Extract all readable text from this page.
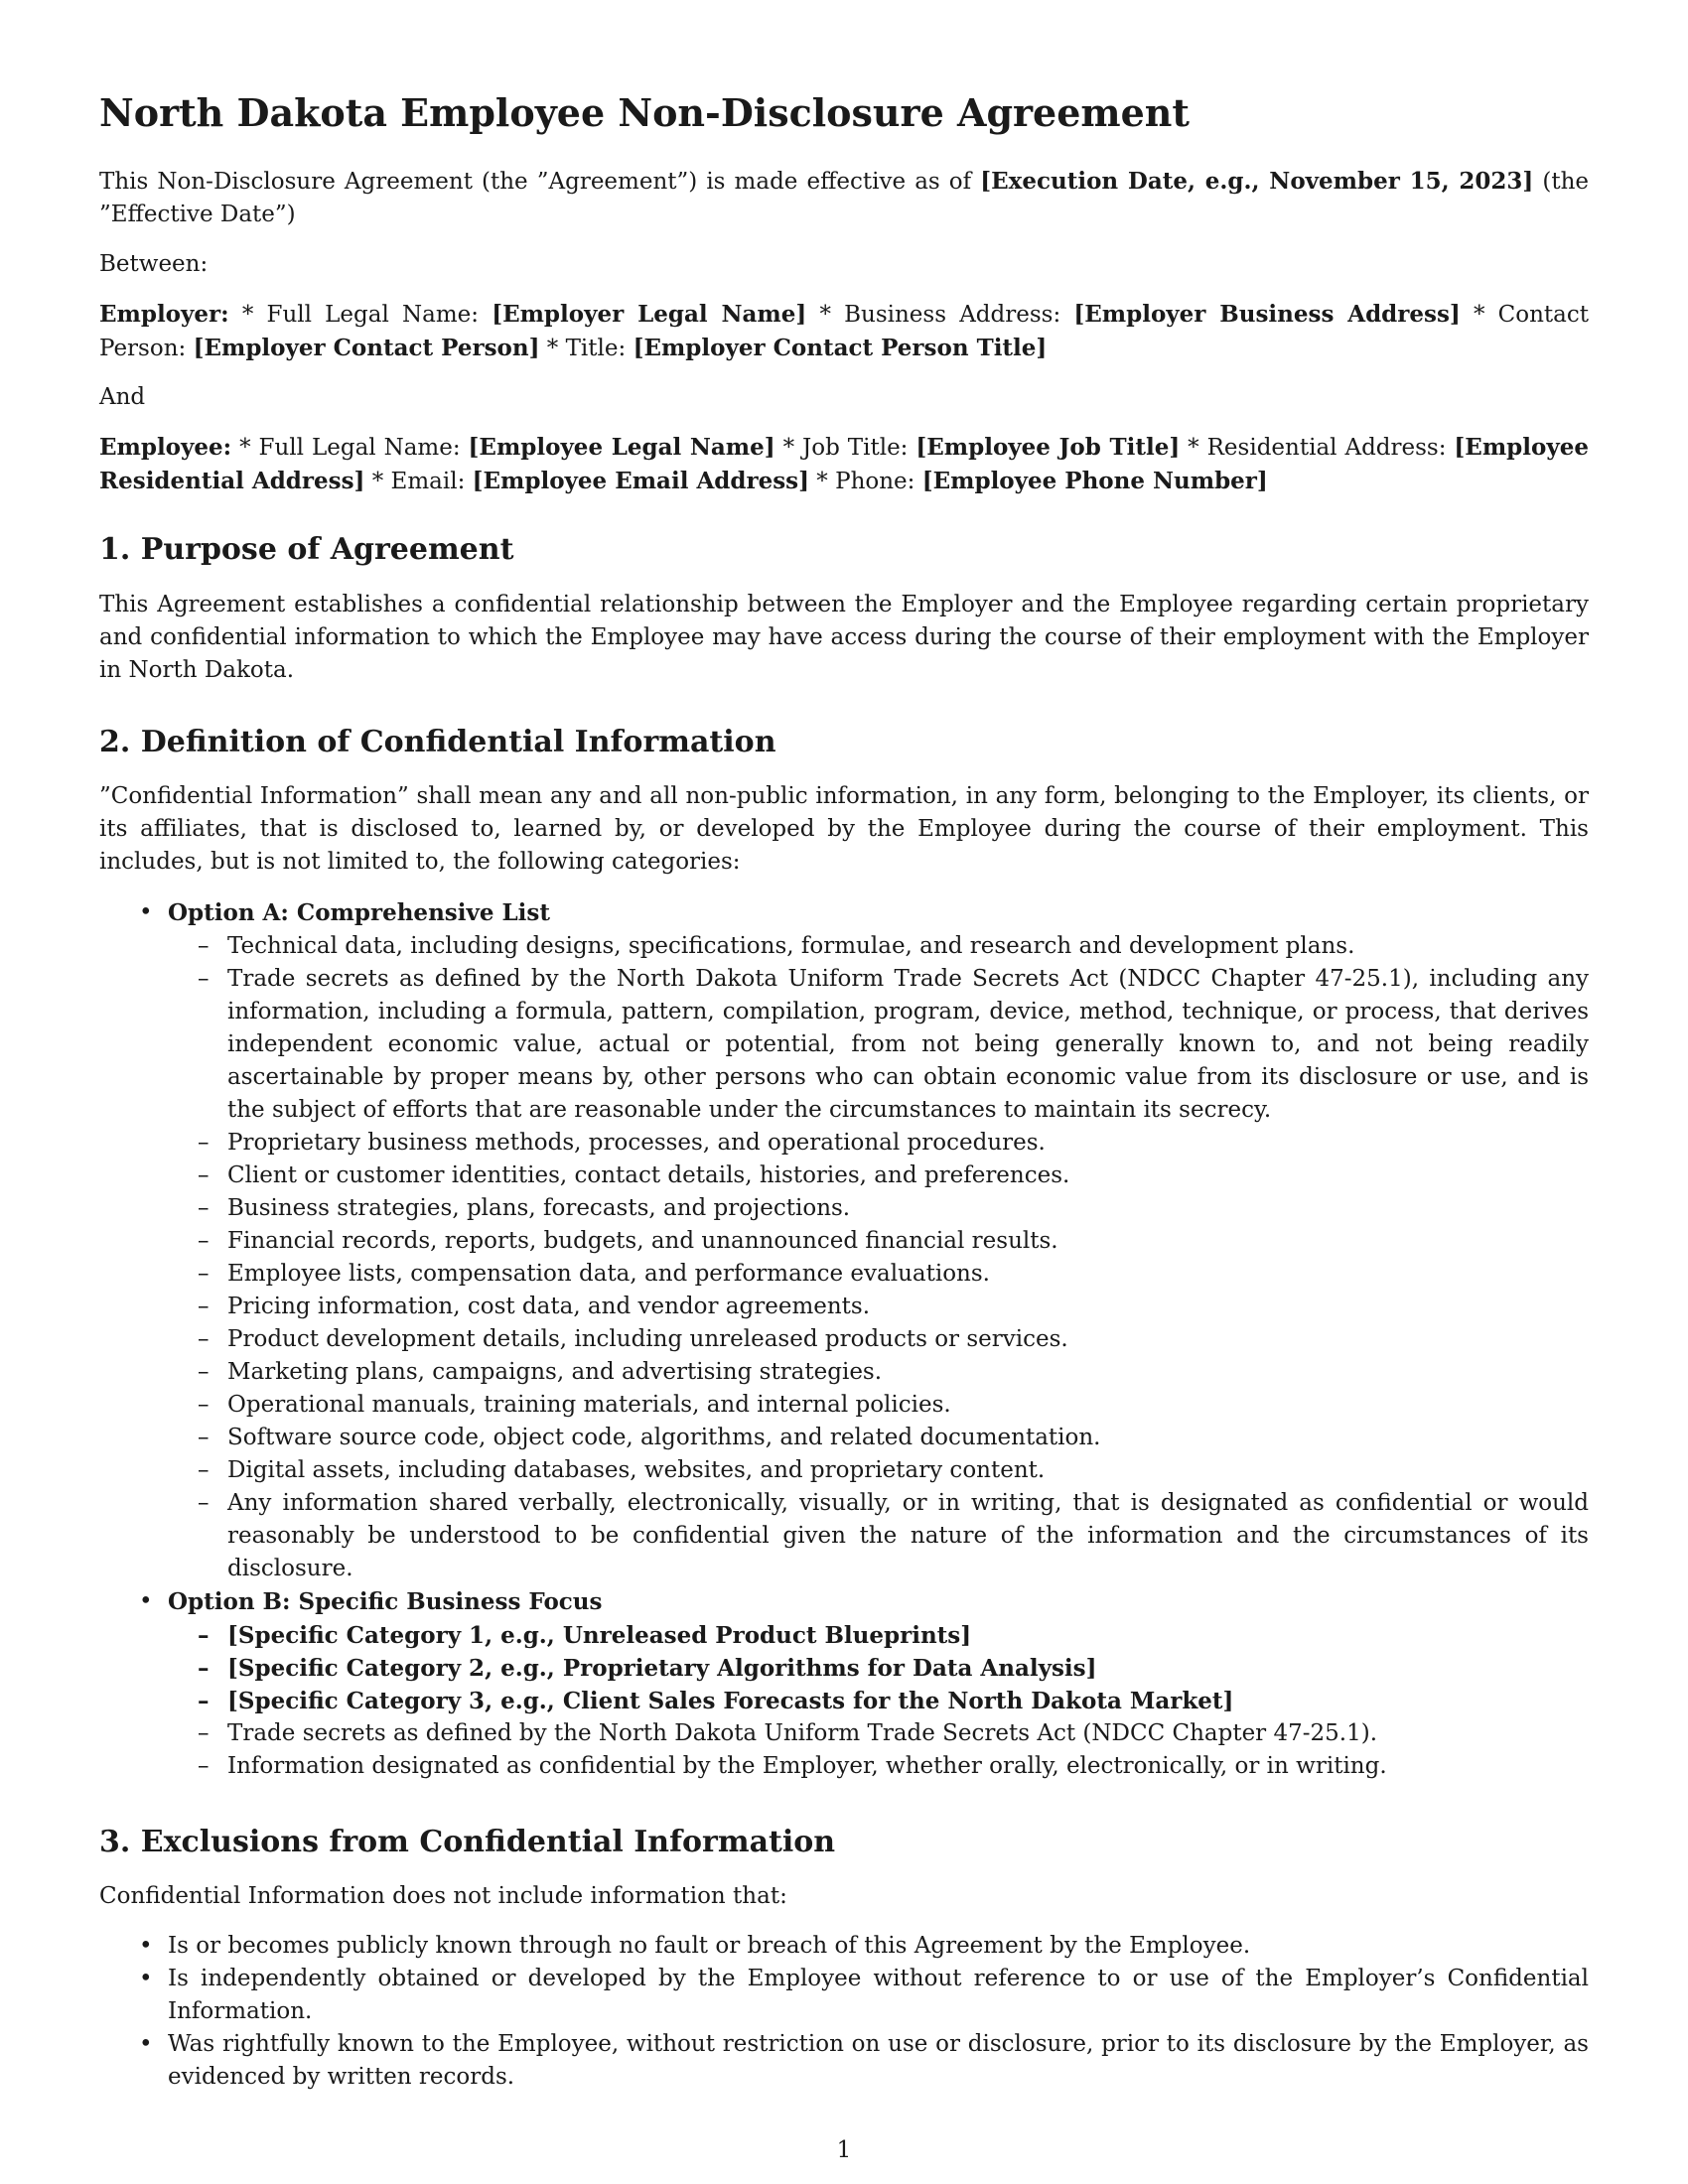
North Dakota Employee Non-Disclosure Agreement

This Non-Disclosure Agreement (the ”Agreement”) is made effective as of [Execution Date, e.g., November 15, 2023] (the ”Effective Date”)

Between:

Employer: * Full Legal Name: [Employer Legal Name] * Business Address: [Employer Business Address] * Contact Person: [Employer Contact Person] * Title: [Employer Contact Person Title]

And

Employee: * Full Legal Name: [Employee Legal Name] * Job Title: [Employee Job Title] * Residential Address: [Employee Residential Address] * Email: [Employee Email Address] * Phone: [Employee Phone Number]

1. Purpose of Agreement

This Agreement establishes a confidential relationship between the Employer and the Employee regarding certain proprietary and confidential information to which the Employee may have access during the course of their employment with the Employer in North Dakota.

2. Definition of Confidential Information

”Confidential Information” shall mean any and all non-public information, in any form, belonging to the Employer, its clients, or its affiliates, that is disclosed to, learned by, or developed by the Employee during the course of their employment. This includes, but is not limited to, the following categories:

• Option A: Comprehensive List
– Technical data, including designs, specifications, formulae, and research and development plans.
– Trade secrets as defined by the North Dakota Uniform Trade Secrets Act (NDCC Chapter 47-25.1), including any information, including a formula, pattern, compilation, program, device, method, technique, or process, that derives independent economic value, actual or potential, from not being generally known to, and not being readily ascertainable by proper means by, other persons who can obtain economic value from its disclosure or use, and is the subject of efforts that are reasonable under the circumstances to maintain its secrecy.
– Proprietary business methods, processes, and operational procedures.
– Client or customer identities, contact details, histories, and preferences.
– Business strategies, plans, forecasts, and projections.
– Financial records, reports, budgets, and unannounced financial results.
– Employee lists, compensation data, and performance evaluations.
– Pricing information, cost data, and vendor agreements.
– Product development details, including unreleased products or services.
– Marketing plans, campaigns, and advertising strategies.
– Operational manuals, training materials, and internal policies.
– Software source code, object code, algorithms, and related documentation.
– Digital assets, including databases, websites, and proprietary content.
– Any information shared verbally, electronically, visually, or in writing, that is designated as confidential or would reasonably be understood to be confidential given the nature of the information and the circumstances of its disclosure.
• Option B: Specific Business Focus
– [Specific Category 1, e.g., Unreleased Product Blueprints]
– [Specific Category 2, e.g., Proprietary Algorithms for Data Analysis]
– [Specific Category 3, e.g., Client Sales Forecasts for the North Dakota Market]
– Trade secrets as defined by the North Dakota Uniform Trade Secrets Act (NDCC Chapter 47-25.1).
– Information designated as confidential by the Employer, whether orally, electronically, or in writing.
3. Exclusions from Confidential Information

Confidential Information does not include information that:

• Is or becomes publicly known through no fault or breach of this Agreement by the Employee.
• Is independently obtained or developed by the Employee without reference to or use of the Employer’s Confidential Information.
• Was rightfully known to the Employee, without restriction on use or disclosure, prior to its disclosure by the Employer, as evidenced by written records.
1
